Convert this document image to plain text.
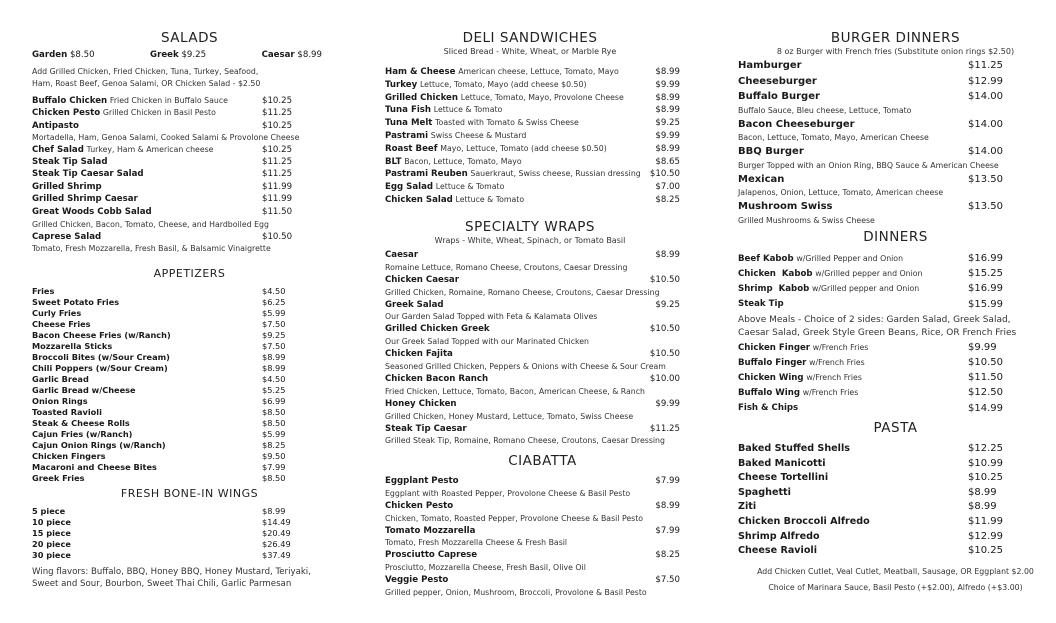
SALADS
Garden $8.50	Greek $9.25	Caesar $8.99
Add Grilled Chicken, Fried Chicken, Tuna, Turkey, Seafood,
Ham, Roast Beef, Genoa Salami, OR Chicken Salad - $2.50
Buffalo Chicken Fried Chicken in Buffalo Sauce	$10.25
Chicken Pesto Grilled Chicken in Basil Pesto	$11.25
Antipasto	$10.25
Mortadella, Ham, Genoa Salami, Cooked Salami & Provolone Cheese
Chef Salad Turkey, Ham & American cheese	$10.25
Steak Tip Salad	$11.25
Steak Tip Caesar Salad	$11.25
Grilled Shrimp	$11.99
Grilled Shrimp Caesar	$11.99
Great Woods Cobb Salad	$11.50
Grilled Chicken, Bacon, Tomato, Cheese, and Hardboiled Egg
Caprese Salad	$10.50
Tomato, Fresh Mozzarella, Fresh Basil, & Balsamic Vinaigrette
APPETIZERS
Fries	$4.50
Sweet Potato Fries	$6.25
Curly Fries	$5.99
Cheese Fries	$7.50
Bacon Cheese Fries (w/Ranch)	$9.25
Mozzarella Sticks	$7.50
Broccoli Bites (w/Sour Cream)	$8.99
Chili Poppers (w/Sour Cream)	$8.99
Garlic Bread	$4.50
Garlic Bread w/Cheese	$5.25
Onion Rings	$6.99
Toasted Ravioli	$8.50
Steak & Cheese Rolls	$8.50
Cajun Fries (w/Ranch)	$5.99
Cajun Onion Rings (w/Ranch)	$8.25
Chicken Fingers	$9.50
Macaroni and Cheese Bites	$7.99
Greek Fries	$8.50
FRESH BONE-IN WINGS
5 piece	$8.99
10 piece	$14.49
15 piece	$20.49
20 piece	$26.49
30 piece	$37.49
Wing flavors: Buffalo, BBQ, Honey BBQ, Honey Mustard, Teriyaki,
Sweet and Sour, Bourbon, Sweet Thai Chili, Garlic Parmesan
DELI SANDWICHES
Sliced Bread - White, Wheat, or Marble Rye
Ham & Cheese American cheese, Lettuce, Tomato, Mayo	$8.99
Turkey Lettuce, Tomato, Mayo (add cheese $0.50)	$9.99
Grilled Chicken Lettuce, Tomato, Mayo, Provolone Cheese	$8.99
Tuna Fish Lettuce & Tomato	$8.99
Tuna Melt Toasted with Tomato & Swiss Cheese	$9.25
Pastrami Swiss Cheese & Mustard	$9.99
Roast Beef Mayo, Lettuce, Tomato (add cheese $0.50)	$8.99
BLT Bacon, Lettuce, Tomato, Mayo	$8.65
Pastrami Reuben Sauerkraut, Swiss cheese, Russian dressing $10.50
Egg Salad Lettuce & Tomato	$7.00
Chicken Salad Lettuce & Tomato	$8.25
SPECIALTY WRAPS
Wraps - White, Wheat, Spinach, or Tomato Basil
Caesar	$8.99
Romaine Lettuce, Romano Cheese, Croutons, Caesar Dressing
Chicken Caesar	$10.50
Grilled Chicken, Romaine, Romano Cheese, Croutons, Caesar Dressing
Greek Salad	$9.25
Our Garden Salad Topped with Feta & Kalamata Olives
Grilled Chicken Greek	$10.50
Our Greek Salad Topped with our Marinated Chicken
Chicken Fajita	$10.50
Seasoned Grilled Chicken, Peppers & Onions with Cheese & Sour Cream
Chicken Bacon Ranch	$10.00
Fried Chicken, Lettuce, Tomato, Bacon, American Cheese, & Ranch
Honey Chicken	$9.99
Grilled Chicken, Honey Mustard, Lettuce, Tomato, Swiss Cheese
Steak Tip Caesar	$11.25
Grilled Steak Tip, Romaine, Romano Cheese, Croutons, Caesar Dressing
CIABATTA
Eggplant Pesto	$7.99
Eggplant with Roasted Pepper, Provolone Cheese & Basil Pesto
Chicken Pesto	$8.99
Chicken, Tomato, Roasted Pepper, Provolone Cheese & Basil Pesto
Tomato Mozzarella	$7.99
Tomato, Fresh Mozzarella Cheese & Fresh Basil
Prosciutto Caprese	$8.25
Prosciutto, Mozzarella Cheese, Fresh Basil, Olive Oil
Veggie Pesto	$7.50
Grilled pepper, Onion, Mushroom, Broccoli, Provolone & Basil Pesto
BURGER DINNERS
8 oz Burger with French fries (Substitute onion rings $2.50)
Hamburger	$11.25
Cheeseburger	$12.99
Buffalo Burger	$14.00
Buffalo Sauce, Bleu cheese, Lettuce, Tomato
Bacon Cheeseburger	$14.00
Bacon, Lettuce, Tomato, Mayo, American Cheese
BBQ Burger	$14.00
Burger Topped with an Onion Ring, BBQ Sauce & American Cheese
Mexican	$13.50
Jalapenos, Onion, Lettuce, Tomato, American cheese
Mushroom Swiss	$13.50
Grilled Mushrooms & Swiss Cheese
DINNERS
Beef Kabob w/Grilled Pepper and Onion	$16.99
Chicken  Kabob w/Grilled pepper and Onion	$15.25
Shrimp  Kabob w/Grilled pepper and Onion	$16.99
Steak Tip	$15.99
Above Meals - Choice of 2 sides: Garden Salad, Greek Salad,
Caesar Salad, Greek Style Green Beans, Rice, OR French Fries
Chicken Finger w/French Fries	$9.99
Buffalo Finger w/French Fries	$10.50
Chicken Wing w/French Fries	$11.50
Buffalo Wing w/French Fries	$12.50
Fish & Chips	$14.99
PASTA
Baked Stuffed Shells	$12.25
Baked Manicotti	$10.99
Cheese Tortellini	$10.25
Spaghetti	$8.99
Ziti	$8.99
Chicken Broccoli Alfredo	$11.99
Shrimp Alfredo	$12.99
Cheese Ravioli	$10.25
Add Chicken Cutlet, Veal Cutlet, Meatball, Sausage, OR Eggplant $2.00
Choice of Marinara Sauce, Basil Pesto (+$2.00), Alfredo (+$3.00)
